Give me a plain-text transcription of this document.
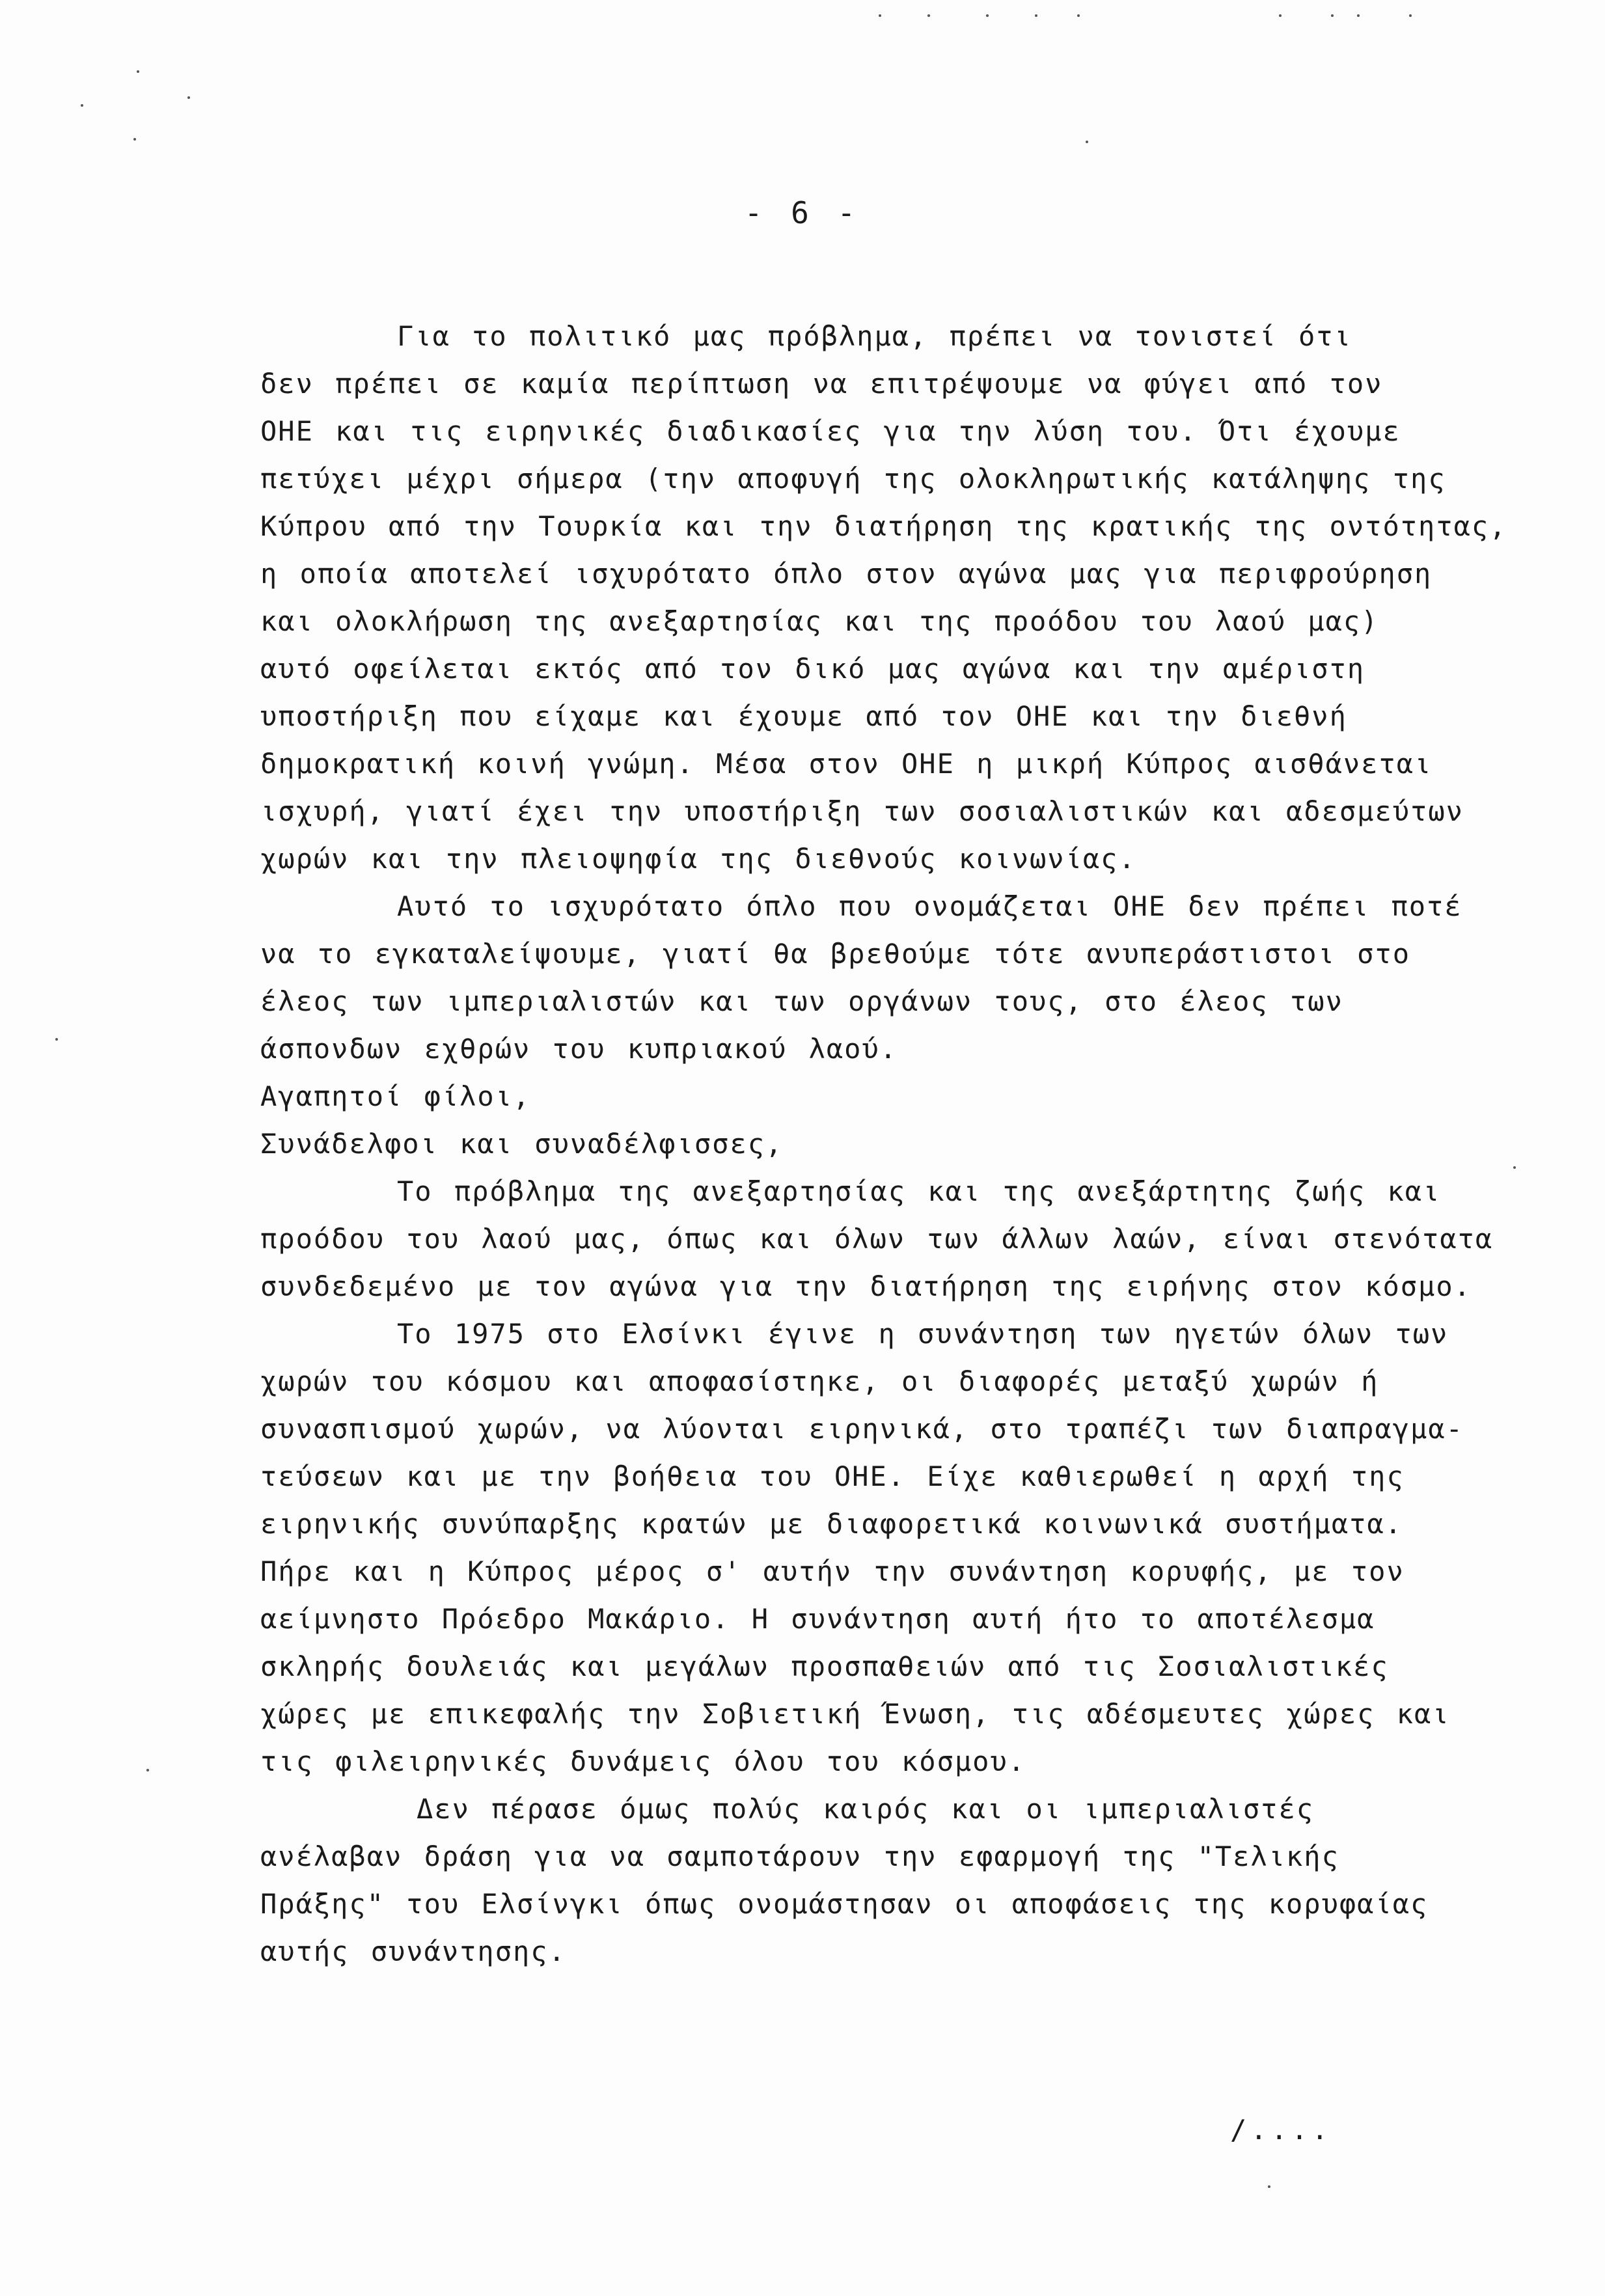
- 6 -
Για το πολιτικό μας πρόβλημα, πρέπει να τονιστεί ότι
δεν πρέπει σε καμία περίπτωση να επιτρέψουμε να φύγει από τον
ΟΗΕ και τις ειρηνικές διαδικασίες για την λύση του. Ότι έχουμε
πετύχει μέχρι σήμερα (την αποφυγή της ολοκληρωτικής κατάληψης της
Κύπρου από την Τουρκία και την διατήρηση της κρατικής της οντότητας,
η οποία αποτελεί ισχυρότατο όπλο στον αγώνα μας για περιφρούρηση
και ολοκλήρωση της ανεξαρτησίας και της προόδου του λαού μας)
αυτό οφείλεται εκτός από τον δικό μας αγώνα και την αμέριστη
υποστήριξη που είχαμε και έχουμε από τον ΟΗΕ και την διεθνή
δημοκρατική κοινή γνώμη. Μέσα στον ΟΗΕ η μικρή Κύπρος αισθάνεται
ισχυρή, γιατί έχει την υποστήριξη των σοσιαλιστικών και αδεσμεύτων
χωρών και την πλειοψηφία της διεθνούς κοινωνίας.
Αυτό το ισχυρότατο όπλο που ονομάζεται ΟΗΕ δεν πρέπει ποτέ
να το εγκαταλείψουμε, γιατί θα βρεθούμε τότε ανυπεράστιστοι στο
έλεος των ιμπεριαλιστών και των οργάνων τους, στο έλεος των
άσπονδων εχθρών του κυπριακού λαού.
Αγαπητοί φίλοι,
Συνάδελφοι και συναδέλφισσες,
Το πρόβλημα της ανεξαρτησίας και της ανεξάρτητης ζωής και
προόδου του λαού μας, όπως και όλων των άλλων λαών, είναι στενότατα
συνδεδεμένο με τον αγώνα για την διατήρηση της ειρήνης στον κόσμο.
Το 1975 στο Ελσίνκι έγινε η συνάντηση των ηγετών όλων των
χωρών του κόσμου και αποφασίστηκε, οι διαφορές μεταξύ χωρών ή
συνασπισμού χωρών, να λύονται ειρηνικά, στο τραπέζι των διαπραγμα-
τεύσεων και με την βοήθεια του ΟΗΕ. Είχε καθιερωθεί η αρχή της
ειρηνικής συνύπαρξης κρατών με διαφορετικά κοινωνικά συστήματα.
Πήρε και η Κύπρος μέρος σ' αυτήν την συνάντηση κορυφής, με τον
αείμνηστο Πρόεδρο Μακάριο. Η συνάντηση αυτή ήτο το αποτέλεσμα
σκληρής δουλειάς και μεγάλων προσπαθειών από τις Σοσιαλιστικές
χώρες με επικεφαλής την Σοβιετική Ένωση, τις αδέσμευτες χώρες και
τις φιλειρηνικές δυνάμεις όλου του κόσμου.
Δεν πέρασε όμως πολύς καιρός και οι ιμπεριαλιστές
ανέλαβαν δράση για να σαμποτάρουν την εφαρμογή της "Τελικής
Πράξης" του Ελσίνγκι όπως ονομάστησαν οι αποφάσεις της κορυφαίας
αυτής συνάντησης.
/....
